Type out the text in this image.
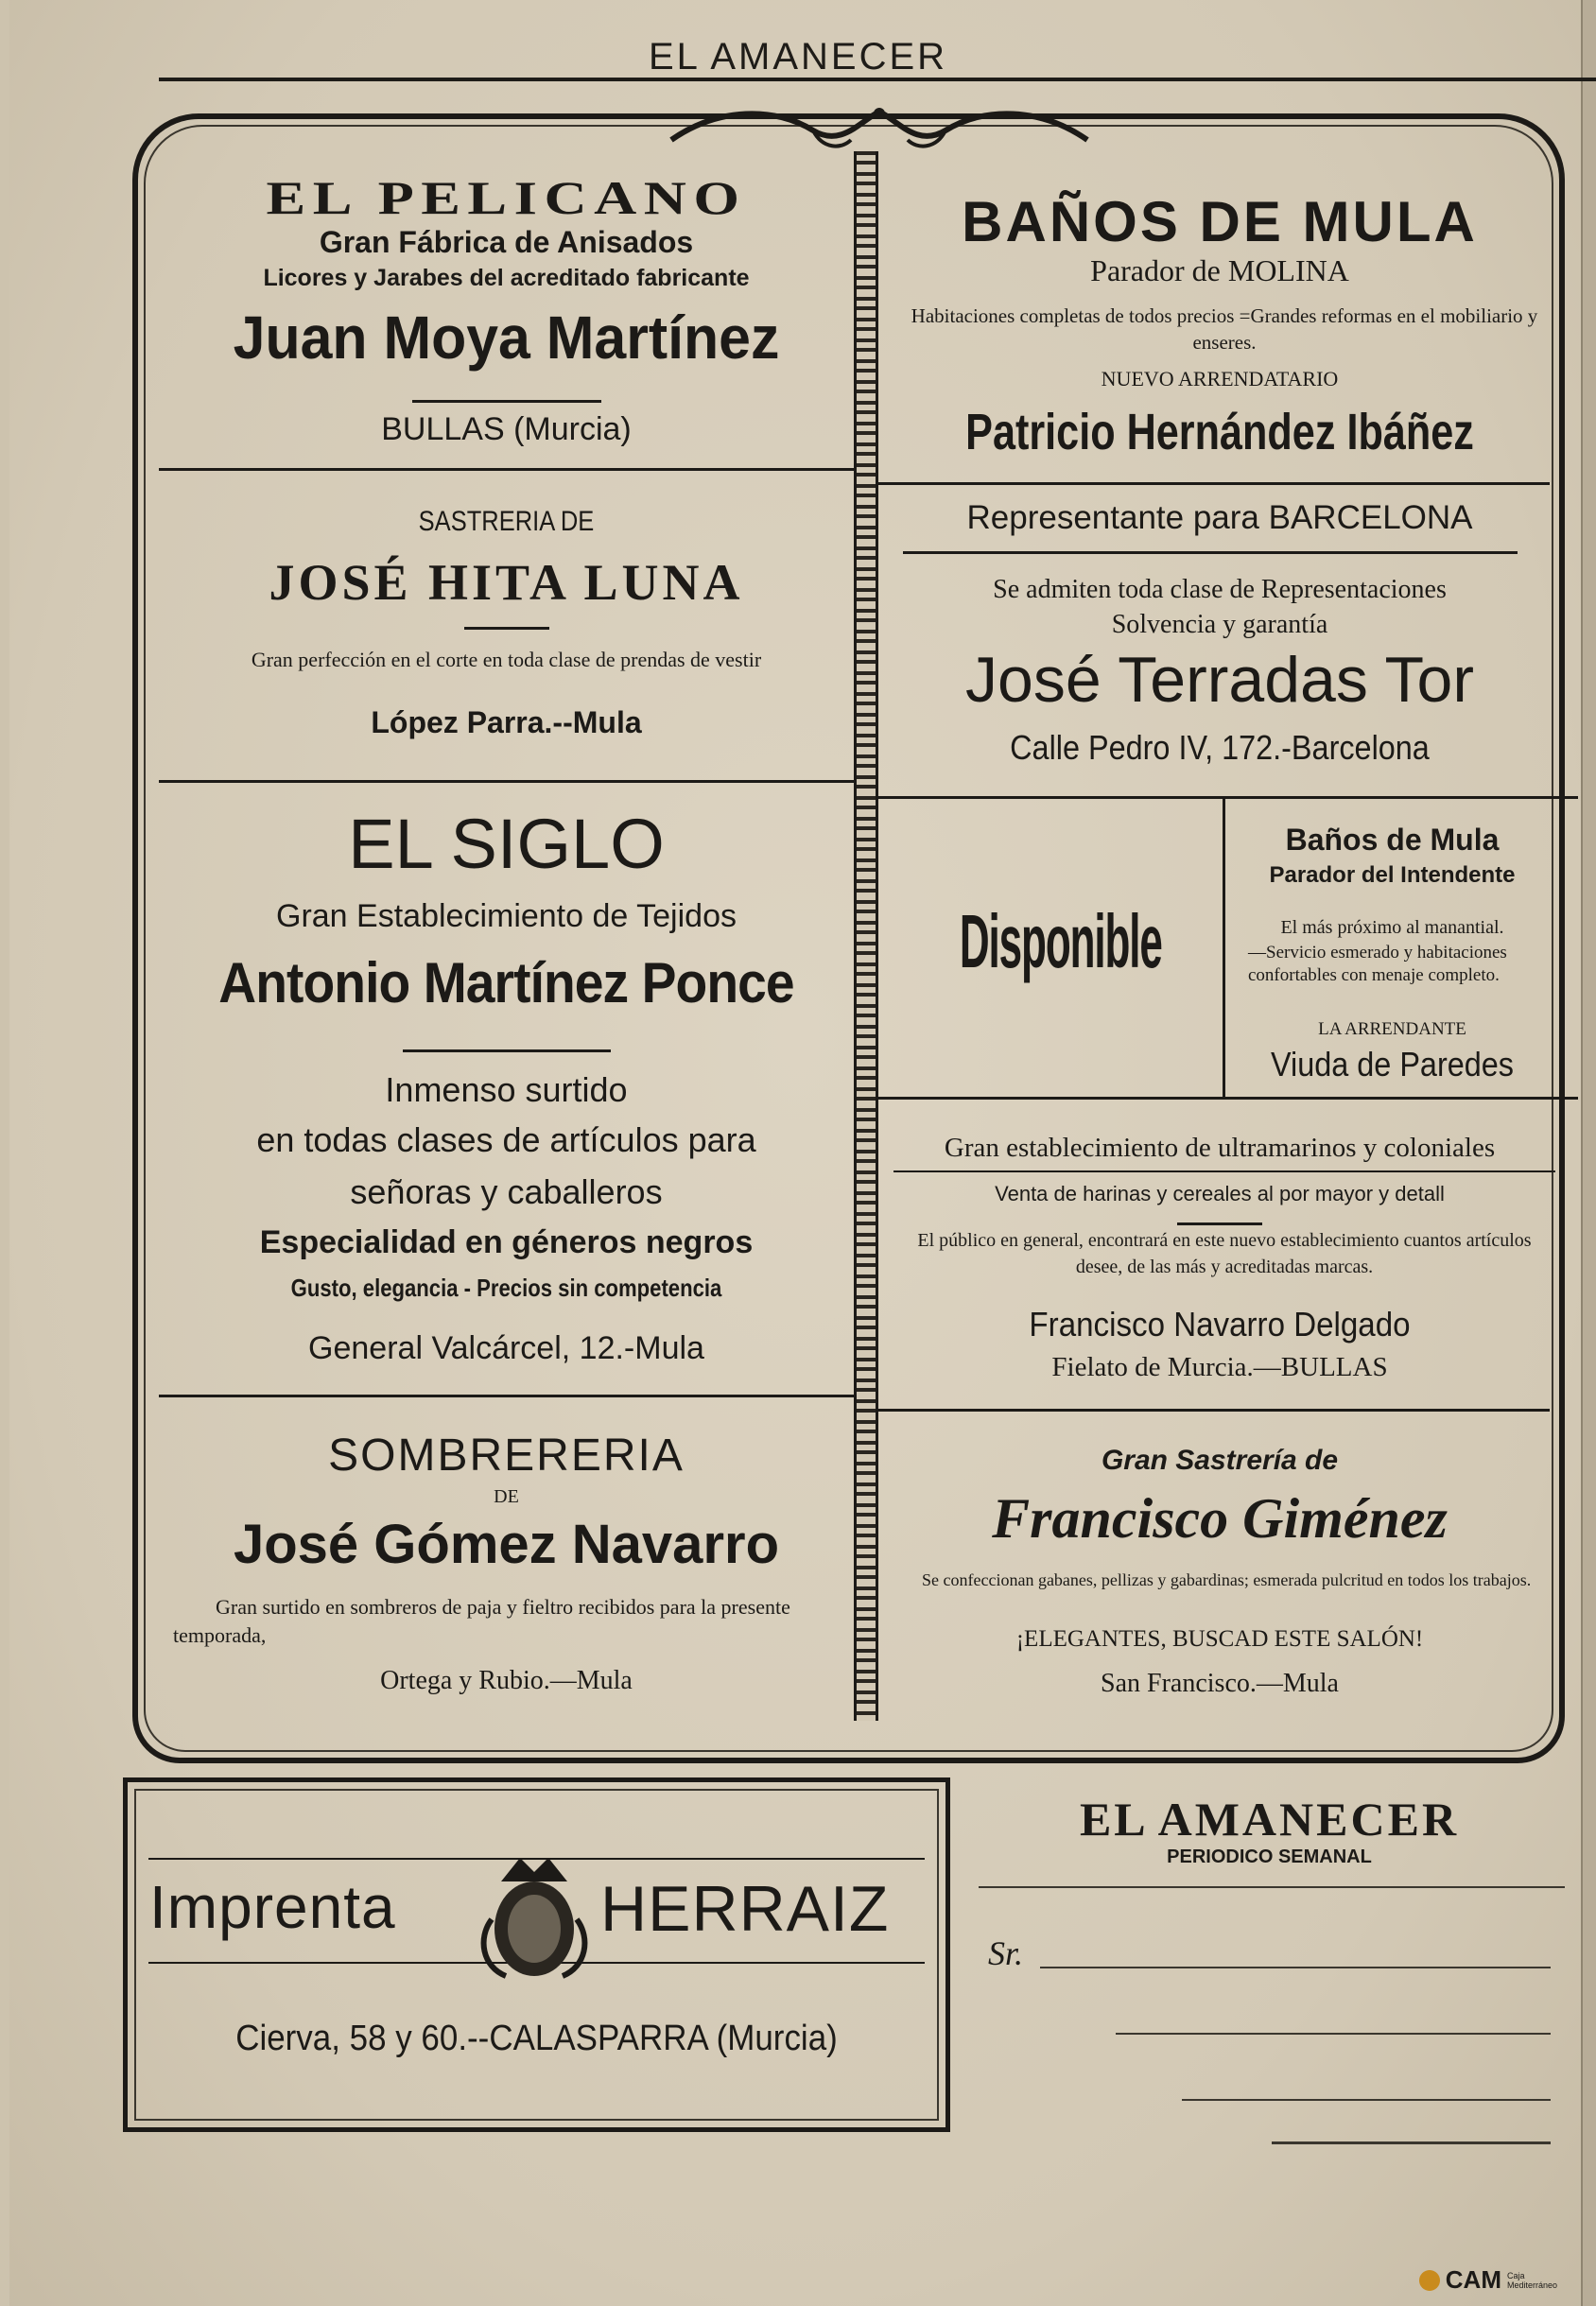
EL AMANECER
EL PELICANO
Gran Fábrica de Anisados
Licores y Jarabes del acreditado fabricante
Juan Moya Martínez
BULLAS (Murcia)
BAÑOS DE MULA
Parador de MOLINA
Habitaciones completas de todos precios =Grandes reformas en el mobiliario y enseres.
NUEVO ARRENDATARIO
Patricio Hernández Ibáñez
SASTRERIA DE
JOSÉ HITA LUNA
Gran perfección en el corte en toda clase de prendas de vestir
López Parra.--Mula
Representante para BARCELONA
Se admiten toda clase de Representaciones
Solvencia y garantía
José Terradas Tor
Calle Pedro IV, 172.-Barcelona
EL SIGLO
Gran Establecimiento de Tejidos
Antonio Martínez Ponce
Inmenso surtido
en todas clases de artículos para
señoras y caballeros
Especialidad en géneros negros
Gusto, elegancia - Precios sin competencia
General Valcárcel, 12.-Mula
Disponible
Baños de Mula
Parador del Intendente
El más próximo al manantial.
—Servicio esmerado y habitaciones confortables con menaje completo.
LA ARRENDANTE
Viuda de Paredes
Gran establecimiento de ultramarinos y coloniales
Venta de harinas y cereales al por mayor y detall
El público en general, encontrará en este nuevo establecimiento cuantos artículos desee, de las más y acreditadas marcas.
Francisco Navarro Delgado
Fielato de Murcia.—BULLAS
SOMBRERERIA
DE
José Gómez Navarro
Gran surtido en sombreros de paja y fieltro recibidos para la presente temporada,
Ortega y Rubio.—Mula
Gran Sastrería de
Francisco Giménez
Se confeccionan gabanes, pellizas y gabardinas; esmerada pulcritud en todos los trabajos.
¡ELEGANTES, BUSCAD ESTE SALÓN!
San Francisco.—Mula
Imprenta	HERRAIZ
Cierva, 58 y 60.--CALASPARRA (Murcia)
EL AMANECER
PERIODICO SEMANAL
Sr.
CAM Caja Mediterráneo
